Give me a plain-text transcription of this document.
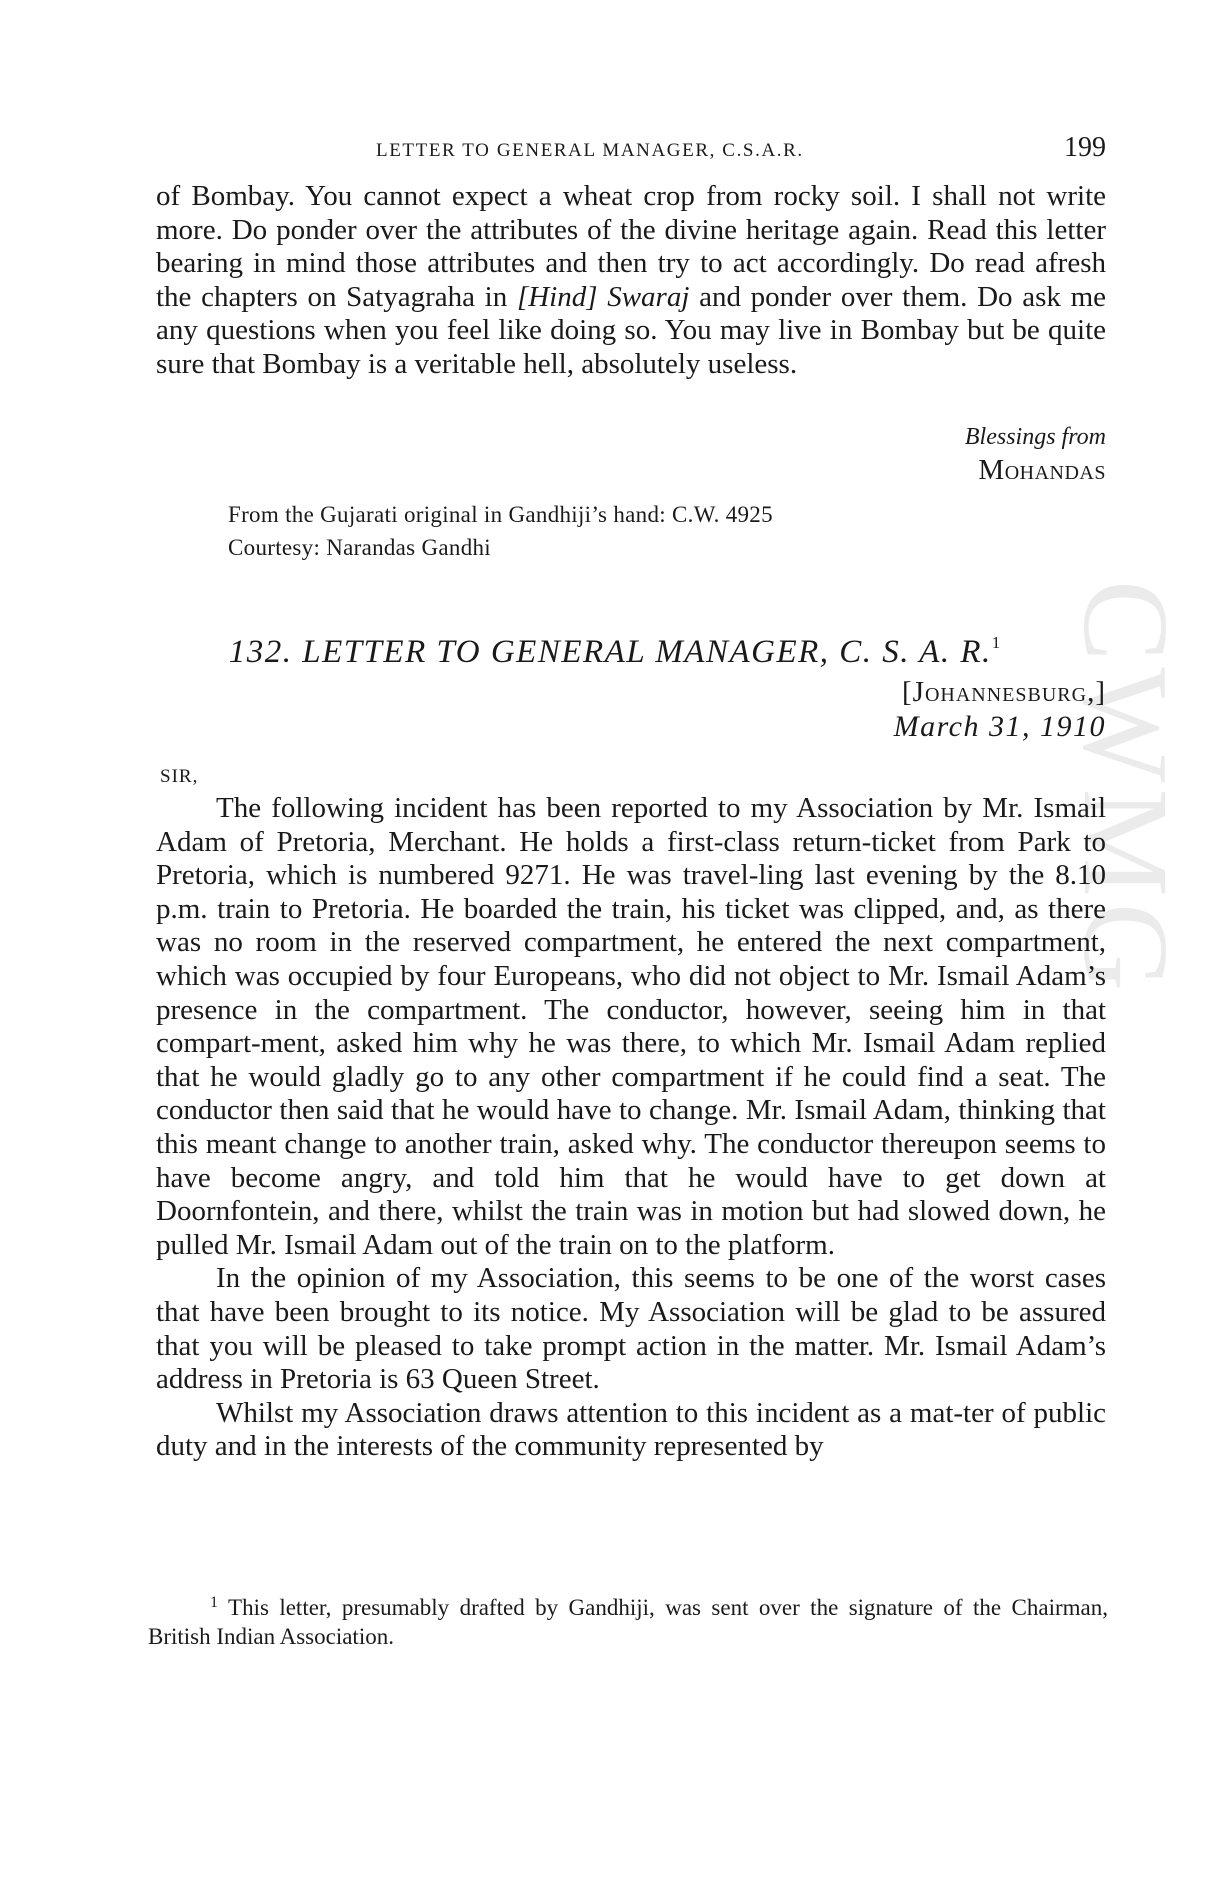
CWMG
LETTER TO GENERAL MANAGER, C.S.A.R.	199

of Bombay. You cannot expect a wheat crop from rocky soil. I shall not write more. Do ponder over the attributes of the divine heritage again. Read this letter bearing in mind those attributes and then try to act accordingly. Do read afresh the chapters on Satyagraha in [Hind] Swaraj and ponder over them. Do ask me any questions when you feel like doing so. You may live in Bombay but be quite sure that Bombay is a veritable hell, absolutely useless.

Blessings from
Mohandas
From the Gujarati original in Gandhiji’s hand: C.W. 4925
Courtesy: Narandas Gandhi
132. LETTER TO GENERAL MANAGER, C. S. A. R.$^1$
[Johannesburg,]
March 31, 1910
SIR,

The following incident has been reported to my Association by Mr. Ismail Adam of Pretoria, Merchant. He holds a first-class return-ticket from Park to Pretoria, which is numbered 9271. He was travel-ling last evening by the 8.10 p.m. train to Pretoria. He boarded the train, his ticket was clipped, and, as there was no room in the reserved compartment, he entered the next compartment, which was occupied by four Europeans, who did not object to Mr. Ismail Adam’s presence in the compartment. The conductor, however, seeing him in that compart-ment, asked him why he was there, to which Mr. Ismail Adam replied that he would gladly go to any other compartment if he could find a seat. The conductor then said that he would have to change. Mr. Ismail Adam, thinking that this meant change to another train, asked why. The conductor thereupon seems to have become angry, and told him that he would have to get down at Doornfontein, and there, whilst the train was in motion but had slowed down, he pulled Mr. Ismail Adam out of the train on to the platform.

In the opinion of my Association, this seems to be one of the worst cases that have been brought to its notice. My Association will be glad to be assured that you will be pleased to take prompt action in the matter. Mr. Ismail Adam’s address in Pretoria is 63 Queen Street.

Whilst my Association draws attention to this incident as a mat-ter of public duty and in the interests of the community represented by

$^1$ This letter, presumably drafted by Gandhiji, was sent over the signature of the Chairman, British Indian Association.
